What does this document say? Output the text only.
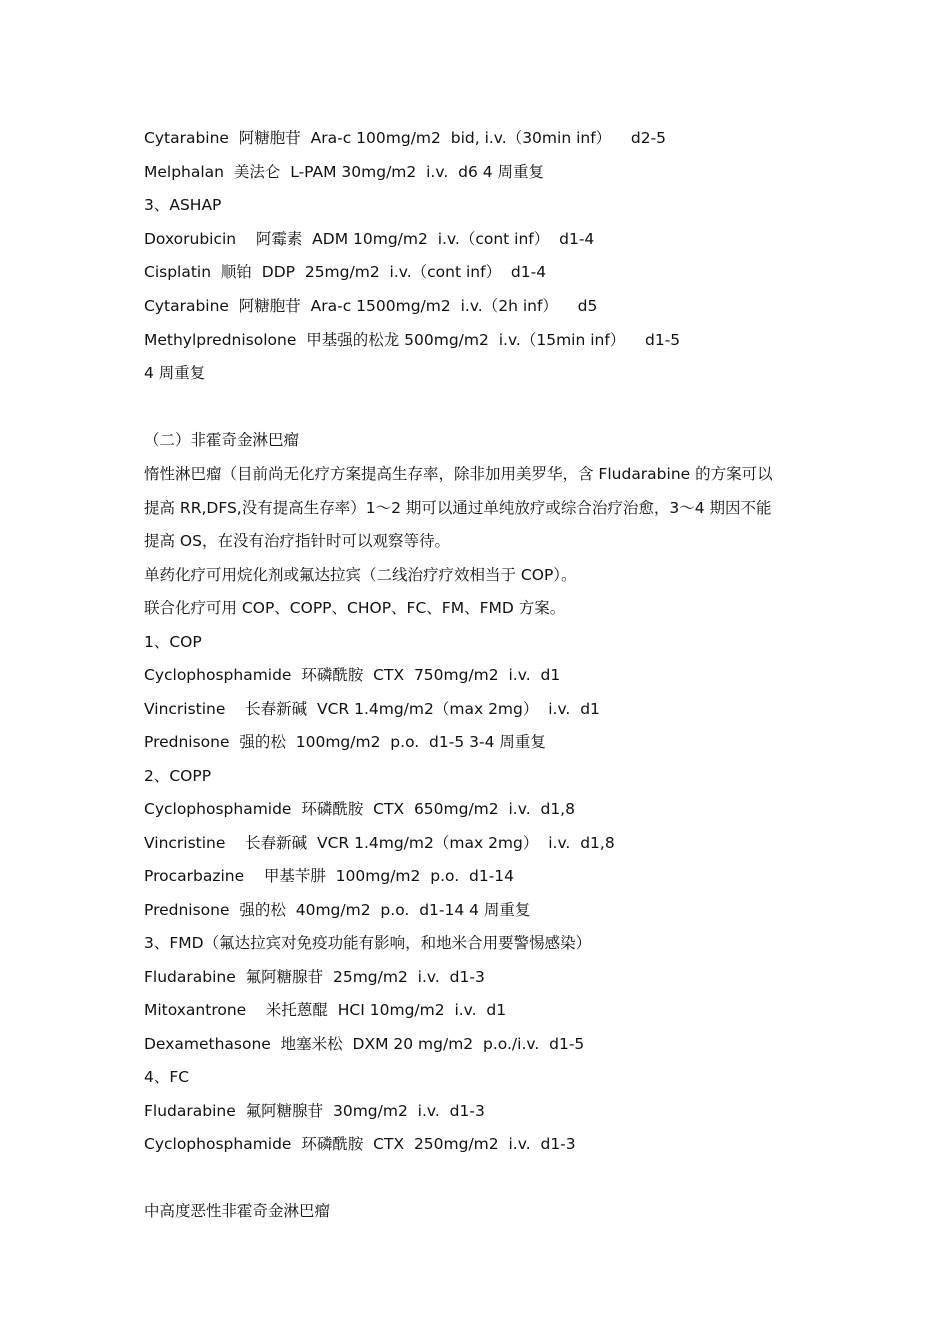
Cytarabine  阿糖胞苷  Ara-c 100mg/m2  bid, i.v.（30min inf）    d2-5
Melphalan  美法仑  L-PAM 30mg/m2  i.v.  d6 4 周重复
3、ASHAP
Doxorubicin    阿霉素  ADM 10mg/m2  i.v.（cont inf）  d1-4
Cisplatin  顺铂  DDP  25mg/m2  i.v.（cont inf）  d1-4
Cytarabine  阿糖胞苷  Ara-c 1500mg/m2  i.v.（2h inf）    d5
Methylprednisolone  甲基强的松龙 500mg/m2  i.v.（15min inf）    d1-5
4 周重复
（二）非霍奇金淋巴瘤
惰性淋巴瘤（目前尚无化疗方案提高生存率，除非加用美罗华，含 Fludarabine 的方案可以
提高 RR,DFS,没有提高生存率）1～2 期可以通过单纯放疗或综合治疗治愈，3～4 期因不能
提高 OS，在没有治疗指针时可以观察等待。
单药化疗可用烷化剂或氟达拉宾（二线治疗疗效相当于 COP）。
联合化疗可用 COP、COPP、CHOP、FC、FM、FMD 方案。
1、COP
Cyclophosphamide  环磷酰胺  CTX  750mg/m2  i.v.  d1
Vincristine    长春新碱  VCR 1.4mg/m2（max 2mg）  i.v.  d1
Prednisone  强的松  100mg/m2  p.o.  d1-5 3-4 周重复
2、COPP
Cyclophosphamide  环磷酰胺  CTX  650mg/m2  i.v.  d1,8
Vincristine    长春新碱  VCR 1.4mg/m2（max 2mg）  i.v.  d1,8
Procarbazine    甲基苄肼  100mg/m2  p.o.  d1-14
Prednisone  强的松  40mg/m2  p.o.  d1-14 4 周重复
3、FMD（氟达拉宾对免疫功能有影响，和地米合用要警惕感染）
Fludarabine  氟阿糖腺苷  25mg/m2  i.v.  d1-3
Mitoxantrone    米托蒽醌  HCI 10mg/m2  i.v.  d1
Dexamethasone  地塞米松  DXM 20 mg/m2  p.o./i.v.  d1-5
4、FC
Fludarabine  氟阿糖腺苷  30mg/m2  i.v.  d1-3
Cyclophosphamide  环磷酰胺  CTX  250mg/m2  i.v.  d1-3
中高度恶性非霍奇金淋巴瘤
